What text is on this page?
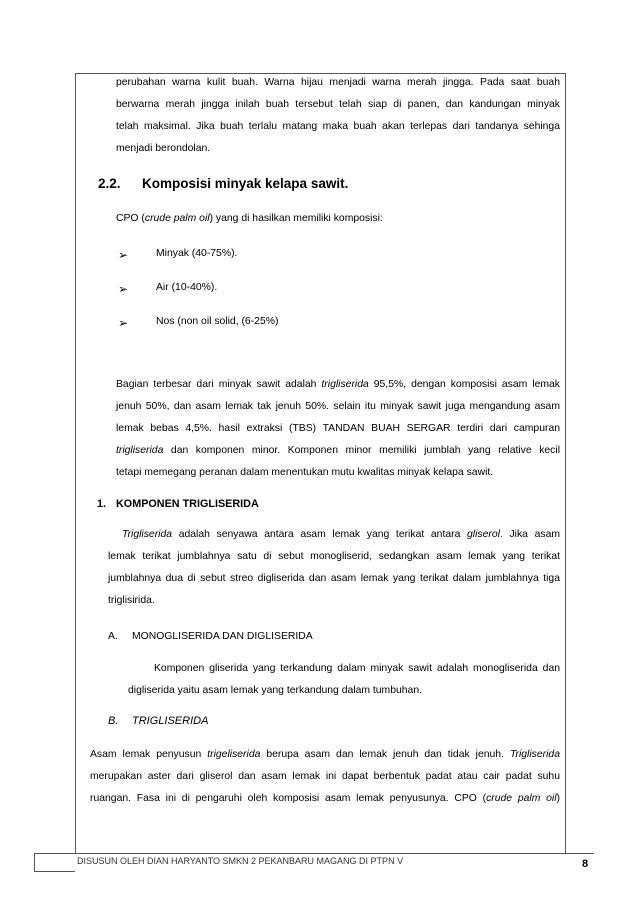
perubahan warna kulit buah. Warna hijau menjadi warna merah jingga. Pada saat buah
berwarna merah jingga inilah buah tersebut telah siap di panen, dan kandungan minyak
telah maksimal. Jika buah terlalu matang maka buah akan terlepas dari tandanya sehinga
menjadi berondolan.
2.2. Komposisi minyak kelapa sawit.
CPO (crude palm oil) yang di hasilkan memiliki komposisi:
➢	Minyak (40-75%).
➢	Air (10-40%).
➢	Nos (non oil solid, (6-25%)
Bagian terbesar dari minyak sawit adalah trigliserida 95,5%, dengan komposisi asam lemak
jenuh 50%, dan asam lemak tak jenuh 50%. selain itu minyak sawit juga mengandung asam
lemak bebas 4,5%. hasil extraksi (TBS) TANDAN BUAH SERGAR terdiri dari campuran
trigliserida dan komponen minor. Komponen minor memiliki jumblah yang relative kecil
tetapi memegang peranan dalam menentukan mutu kwalitas minyak kelapa sawit.
1. KOMPONEN TRIGLISERIDA
Trigliserida adalah senyawa antara asam lemak yang terikat antara gliserol. Jika asam
lemak terikat jumblahnya satu di sebut monogliserid, sedangkan asam lemak yang terikat
jumblahnya dua di sebut streo digliserida dan asam lemak yang terikat dalam jumblahnya tiga
triglisirida.
A. MONOGLISERIDA DAN DIGLISERIDA
Komponen gliserida yang terkandung dalam minyak sawit adalah monogliserida dan
digliserida yaitu asam lemak yang terkandung dalam tumbuhan.
B. TRIGLISERIDA
Asam lemak penyusun trigeliserida berupa asam dan lemak jenuh dan tidak jenuh. Trigliserida
merupakan aster dari gliserol dan asam lemak ini dapat berbentuk padat atau cair padat suhu
ruangan. Fasa ini di pengaruhi oleh komposisi asam lemak penyusunya. CPO (crude palm oil)
DISUSUN OLEH DIAN HARYANTO SMKN 2 PEKANBARU MAGANG DI PTPN V	8
